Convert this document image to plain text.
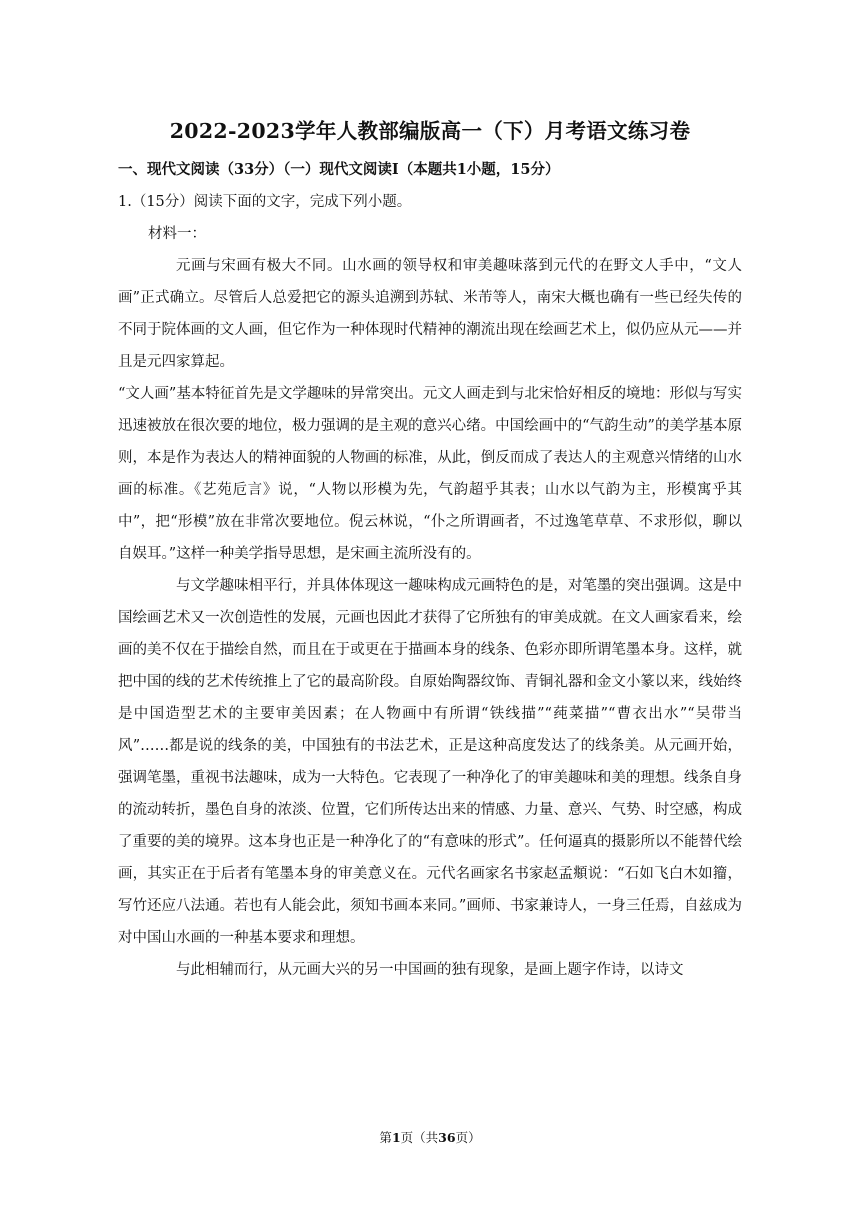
2022-2023学年人教部编版高一（下）月考语文练习卷
一、现代文阅读（33分）（一）现代文阅读I（本题共1小题，15分）
1.（15分）阅读下面的文字，完成下列小题。
材料一：

元画与宋画有极大不同。山水画的领导权和审美趣味落到元代的在野文人手中，“文人画”正式确立。尽管后人总爱把它的源头追溯到苏轼、米芾等人，南宋大概也确有一些已经失传的不同于院体画的文人画，但它作为一种体现时代精神的潮流出现在绘画艺术上，似仍应从元——并且是元四家算起。

“文人画”基本特征首先是文学趣味的异常突出。元文人画走到与北宋恰好相反的境地：形似与写实迅速被放在很次要的地位，极力强调的是主观的意兴心绪。中国绘画中的“气韵生动”的美学基本原则，本是作为表达人的精神面貌的人物画的标准，从此，倒反而成了表达人的主观意兴情绪的山水画的标准。《艺苑卮言》说，“人物以形模为先，气韵超乎其表；山水以气韵为主，形模寓乎其中”，把“形模”放在非常次要地位。倪云林说，“仆之所谓画者，不过逸笔草草、不求形似，聊以自娱耳。”这样一种美学指导思想，是宋画主流所没有的。

与文学趣味相平行，并具体体现这一趣味构成元画特色的是，对笔墨的突出强调。这是中国绘画艺术又一次创造性的发展，元画也因此才获得了它所独有的审美成就。在文人画家看来，绘画的美不仅在于描绘自然，而且在于或更在于描画本身的线条、色彩亦即所谓笔墨本身。这样，就把中国的线的艺术传统推上了它的最高阶段。自原始陶器纹饰、青铜礼器和金文小篆以来，线始终是中国造型艺术的主要审美因素；在人物画中有所谓“铁线描”“莼菜描”“曹衣出水”“吴带当风”……都是说的线条的美，中国独有的书法艺术，正是这种高度发达了的线条美。从元画开始，强调笔墨，重视书法趣味，成为一大特色。它表现了一种净化了的审美趣味和美的理想。线条自身的流动转折，墨色自身的浓淡、位置，它们所传达出来的情感、力量、意兴、气势、时空感，构成了重要的美的境界。这本身也正是一种净化了的“有意味的形式”。任何逼真的摄影所以不能替代绘画，其实正在于后者有笔墨本身的审美意义在。元代名画家名书家赵孟頫说：“石如飞白木如籀，写竹还应八法通。若也有人能会此，须知书画本来同。”画师、书家兼诗人，一身三任焉，自兹成为对中国山水画的一种基本要求和理想。

与此相辅而行，从元画大兴的另一中国画的独有现象，是画上题字作诗，以诗文

第1页（共36页）
